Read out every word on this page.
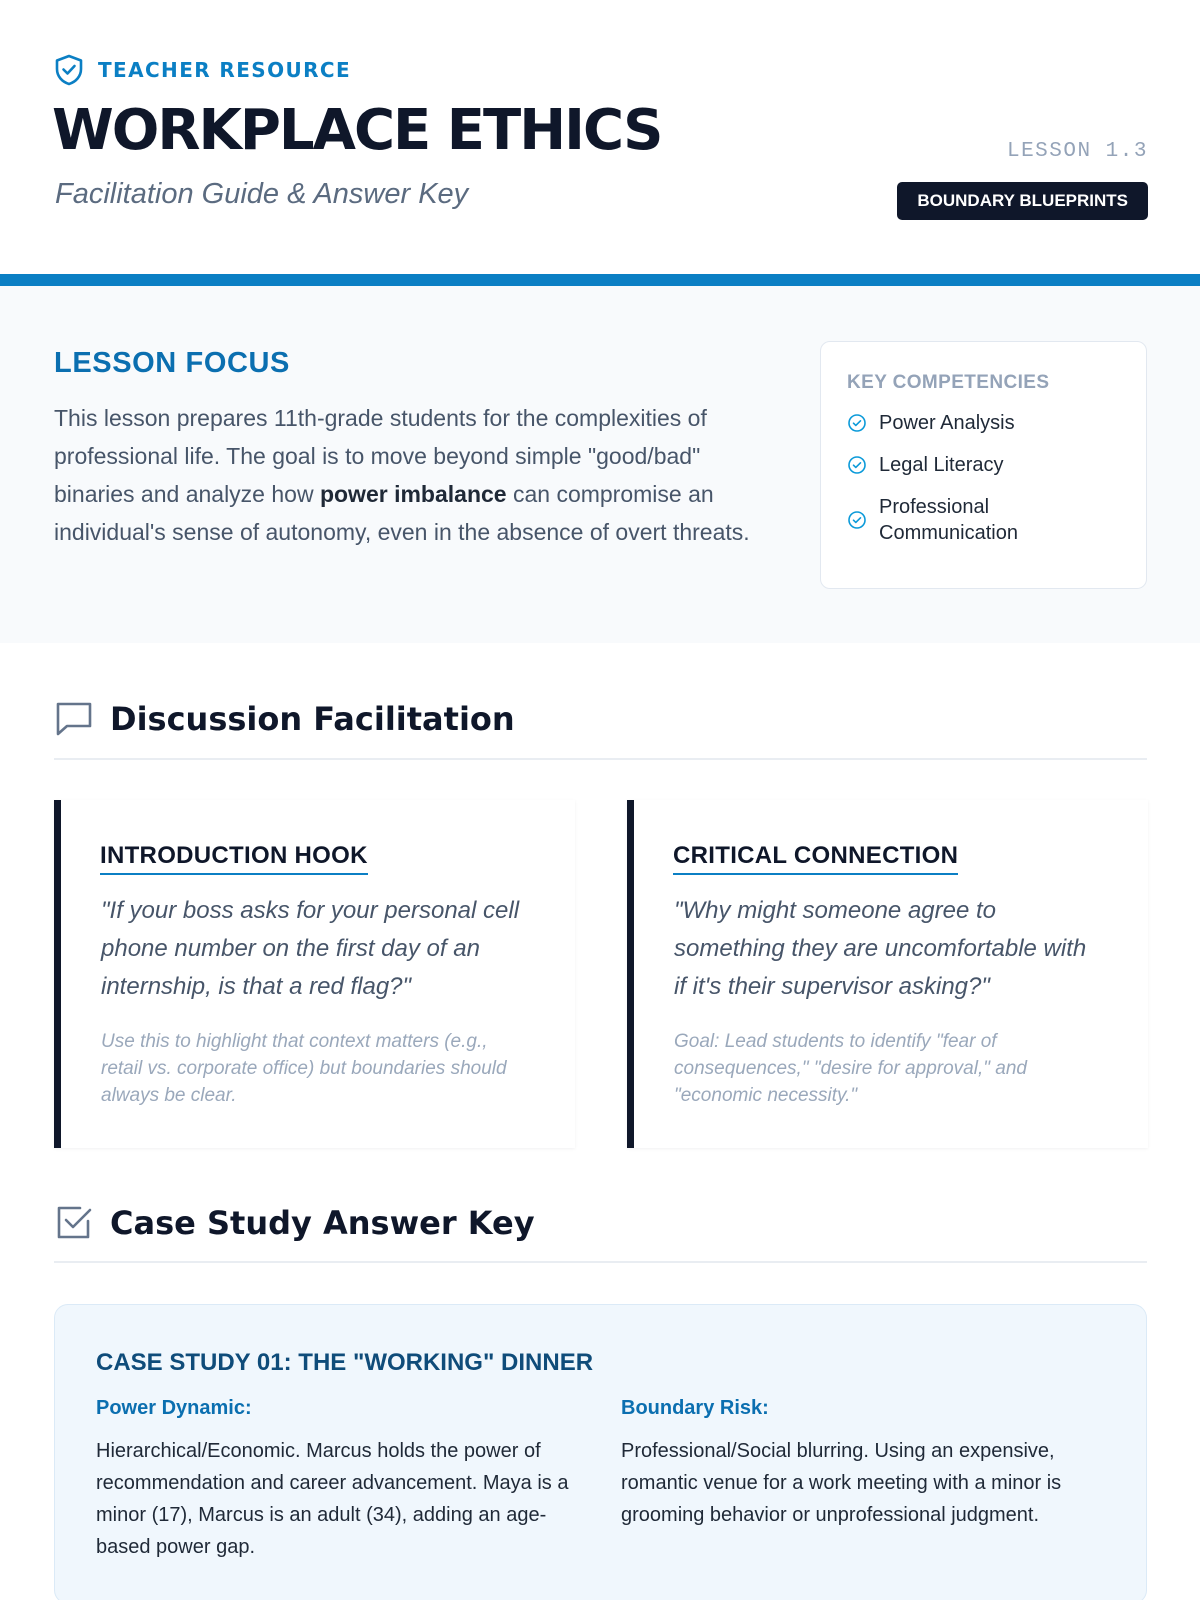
TEACHER RESOURCE
WORKPLACE ETHICS
Facilitation Guide & Answer Key
LESSON 1.3
BOUNDARY BLUEPRINTS
LESSON FOCUS

This lesson prepares 11th-grade students for the complexities of professional life. The goal is to move beyond simple "good/bad" binaries and analyze how power imbalance can compromise an individual's sense of autonomy, even in the absence of overt threats.

KEY COMPETENCIES
Power Analysis
Legal Literacy
Professional Communication
Discussion Facilitation
INTRODUCTION HOOK

"If your boss asks for your personal cell phone number on the first day of an internship, is that a red flag?"

Use this to highlight that context matters (e.g., retail vs. corporate office) but boundaries should always be clear.

CRITICAL CONNECTION

"Why might someone agree to something they are uncomfortable with if it's their supervisor asking?"

Goal: Lead students to identify "fear of consequences," "desire for approval," and "economic necessity."

Case Study Answer Key
CASE STUDY 01: THE "WORKING" DINNER
Power Dynamic:

Hierarchical/Economic. Marcus holds the power of recommendation and career advancement. Maya is a minor (17), Marcus is an adult (34), adding an age-based power gap.

Boundary Risk:

Professional/Social blurring. Using an expensive, romantic venue for a work meeting with a minor is grooming behavior or unprofessional judgment.
